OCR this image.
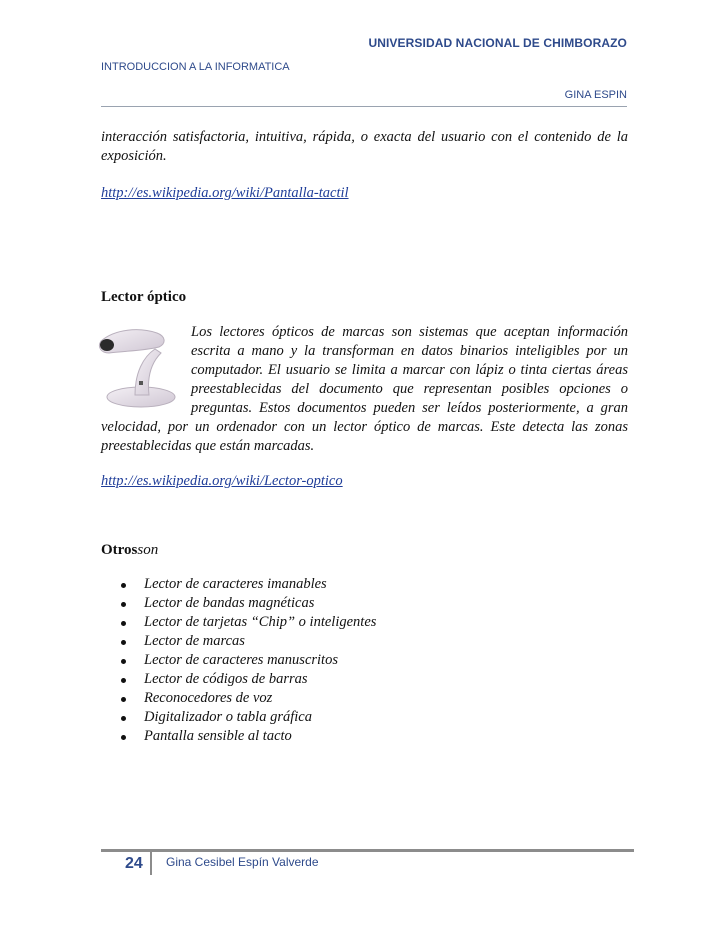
UNIVERSIDAD NACIONAL DE CHIMBORAZO
INTRODUCCION A LA INFORMATICA
GINA ESPIN

interacción satisfactoria, intuitiva, rápida, o exacta del usuario con el contenido de la exposición.

http://es.wikipedia.org/wiki/Pantalla-tactil

Lector óptico

Los lectores ópticos de marcas son sistemas que aceptan información escrita a mano y la transforman en datos binarios inteligibles por un computador. El usuario se limita a marcar con lápiz o tinta ciertas áreas preestablecidas del documento que representan posibles opciones o preguntas. Estos documentos pueden ser leídos posteriormente, a gran velocidad, por un ordenador con un lector óptico de marcas. Este detecta las zonas preestablecidas que están marcadas.

http://es.wikipedia.org/wiki/Lector-optico

Otrosson

Lector de caracteres imanables
Lector de bandas magnéticas
Lector de tarjetas “Chip” o inteligentes
Lector de marcas
Lector de caracteres manuscritos
Lector de códigos de barras
Reconocedores de voz
Digitalizador o tabla gráfica
Pantalla sensible al tacto
24 Gina Cesibel Espín Valverde
